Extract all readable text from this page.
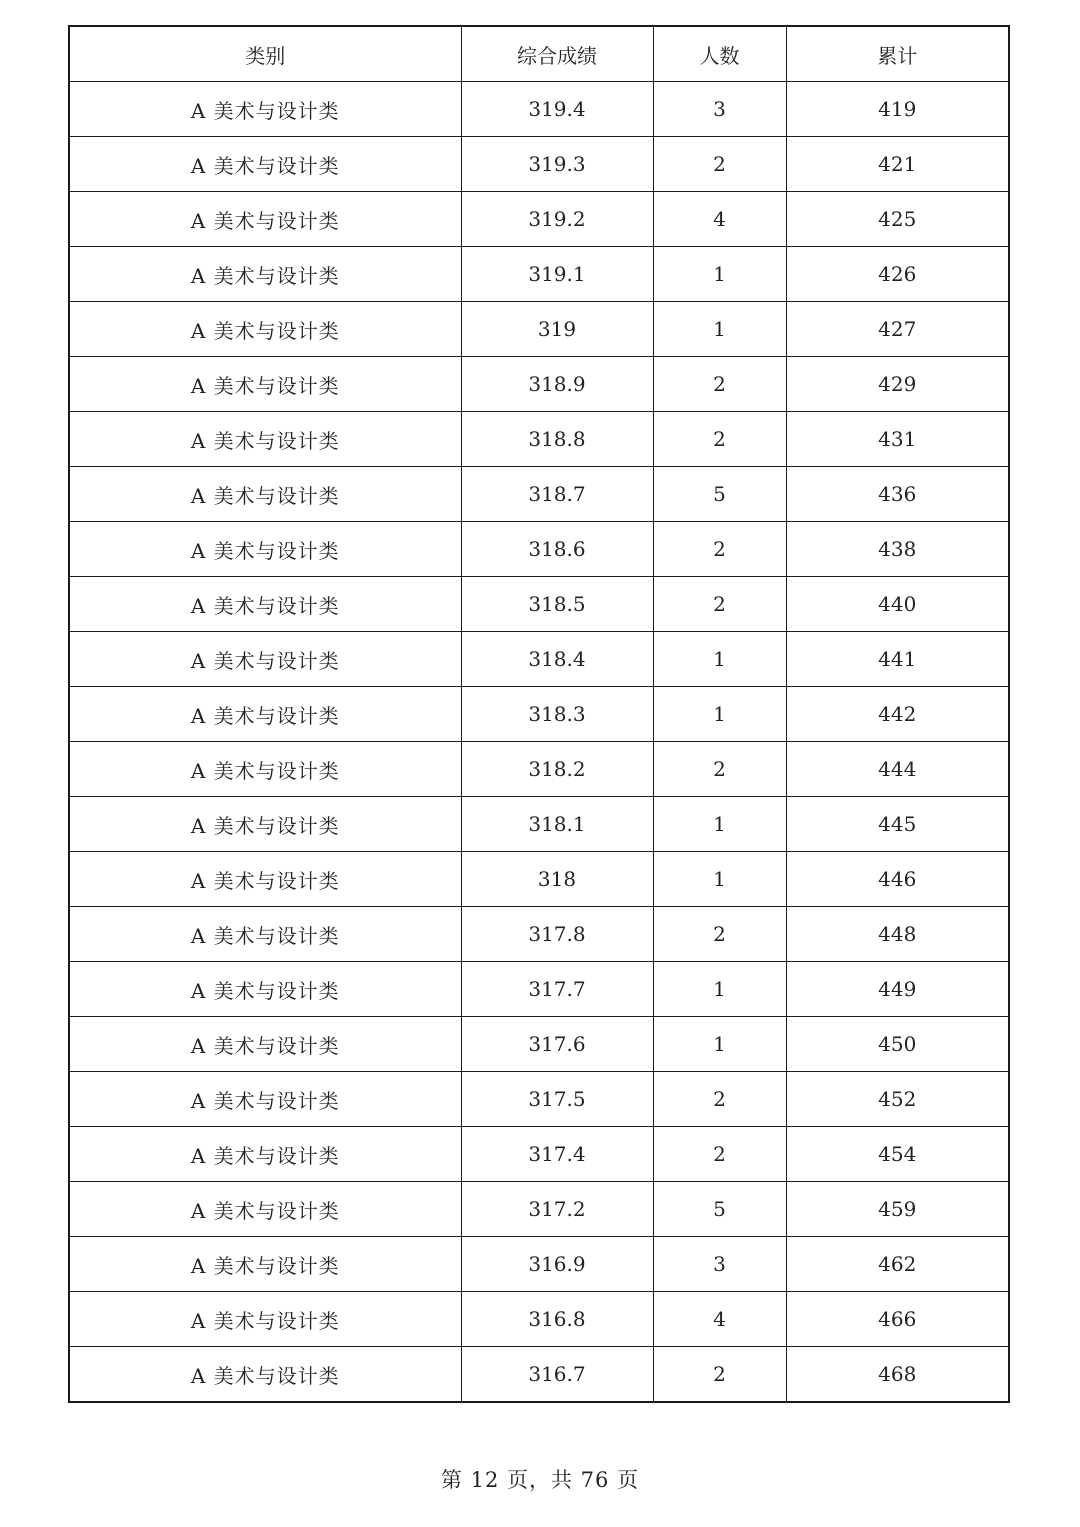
类别	综合成绩	人数	累计
A 美术与设计类	319.4	3	419
A 美术与设计类	319.3	2	421
A 美术与设计类	319.2	4	425
A 美术与设计类	319.1	1	426
A 美术与设计类	319	1	427
A 美术与设计类	318.9	2	429
A 美术与设计类	318.8	2	431
A 美术与设计类	318.7	5	436
A 美术与设计类	318.6	2	438
A 美术与设计类	318.5	2	440
A 美术与设计类	318.4	1	441
A 美术与设计类	318.3	1	442
A 美术与设计类	318.2	2	444
A 美术与设计类	318.1	1	445
A 美术与设计类	318	1	446
A 美术与设计类	317.8	2	448
A 美术与设计类	317.7	1	449
A 美术与设计类	317.6	1	450
A 美术与设计类	317.5	2	452
A 美术与设计类	317.4	2	454
A 美术与设计类	317.2	5	459
A 美术与设计类	316.9	3	462
A 美术与设计类	316.8	4	466
A 美术与设计类	316.7	2	468
第 12 页，共 76 页
